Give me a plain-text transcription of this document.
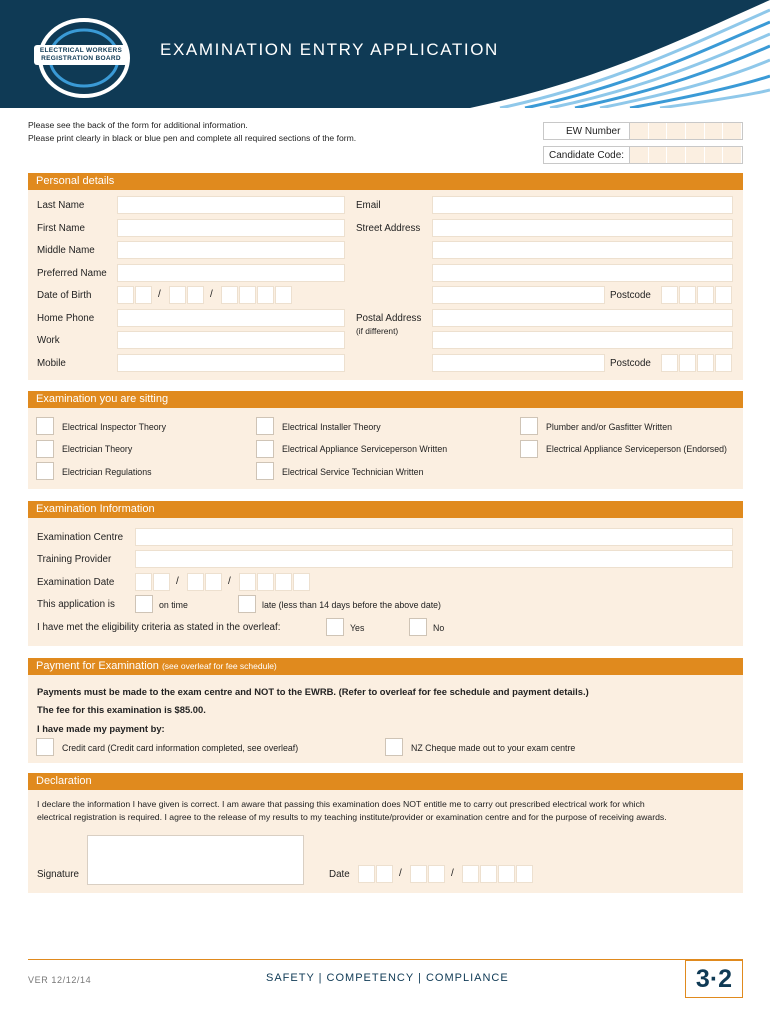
ELECTRICAL WORKERS
REGISTRATION BOARD EXAMINATION ENTRY APPLICATION
Please see the back of the form for additional information.
Please print clearly in black or blue pen and complete all required sections of the form.
EW Number
Candidate Code:
Personal details
Last Name
First Name
Middle Name
Preferred Name
Date of Birth	/	/
Home Phone
Work
Mobile
Email
Street Address
Postcode
Postal Address
(if different)
Postcode
Examination you are sitting
Electrical Inspector Theory
Electrician Theory
Electrician Regulations
Electrical Installer Theory
Electrical Appliance Serviceperson Written
Electrical Service Technician Written
Plumber and/or Gasfitter Written
Electrical Appliance Serviceperson (Endorsed)
Examination Information
Examination Centre
Training Provider
Examination Date	/	/
This application is	on time	late (less than 14 days before the above date)
I have met the eligibility criteria as stated in the overleaf:	Yes	No
Payment for Examination (see overleaf for fee schedule)
Payments must be made to the exam centre and NOT to the EWRB. (Refer to overleaf for fee schedule and payment details.)
The fee for this examination is $85.00.
I have made my payment by:
Credit card (Credit card information completed, see overleaf)	NZ Cheque made out to your exam centre
Declaration
I declare the information I have given is correct. I am aware that passing this examination does NOT entitle me to carry out prescribed electrical work for which
electrical registration is required. I agree to the release of my results to my teaching institute/provider or examination centre and for the purpose of receiving awards.
Signature	Date	/	/
VER 12/12/14	SAFETY | COMPETENCY | COMPLIANCE	3·2
